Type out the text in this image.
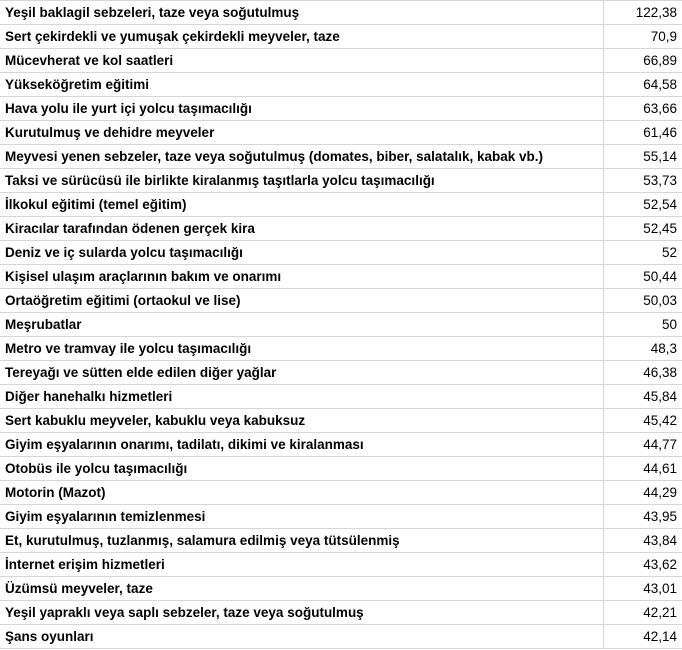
Yeşil baklagil sebzeleri, taze veya soğutulmuş	122,38
Sert çekirdekli ve yumuşak çekirdekli meyveler, taze	70,9
Mücevherat ve kol saatleri	66,89
Yükseköğretim eğitimi	64,58
Hava yolu ile yurt içi yolcu taşımacılığı	63,66
Kurutulmuş ve dehidre meyveler	61,46
Meyvesi yenen sebzeler, taze veya soğutulmuş (domates, biber, salatalık, kabak vb.)	55,14
Taksi ve sürücüsü ile birlikte kiralanmış taşıtlarla yolcu taşımacılığı	53,73
İlkokul eğitimi (temel eğitim)	52,54
Kiracılar tarafından ödenen gerçek kira	52,45
Deniz ve iç sularda yolcu taşımacılığı	52
Kişisel ulaşım araçlarının bakım ve onarımı	50,44
Ortaöğretim eğitimi (ortaokul ve lise)	50,03
Meşrubatlar	50
Metro ve tramvay ile yolcu taşımacılığı	48,3
Tereyağı ve sütten elde edilen diğer yağlar	46,38
Diğer hanehalkı hizmetleri	45,84
Sert kabuklu meyveler, kabuklu veya kabuksuz	45,42
Giyim eşyalarının onarımı, tadilatı, dikimi ve kiralanması	44,77
Otobüs ile yolcu taşımacılığı	44,61
Motorin (Mazot)	44,29
Giyim eşyalarının temizlenmesi	43,95
Et, kurutulmuş, tuzlanmış, salamura edilmiş veya tütsülenmiş	43,84
İnternet erişim hizmetleri	43,62
Üzümsü meyveler, taze	43,01
Yeşil yapraklı veya saplı sebzeler, taze veya soğutulmuş	42,21
Şans oyunları	42,14
